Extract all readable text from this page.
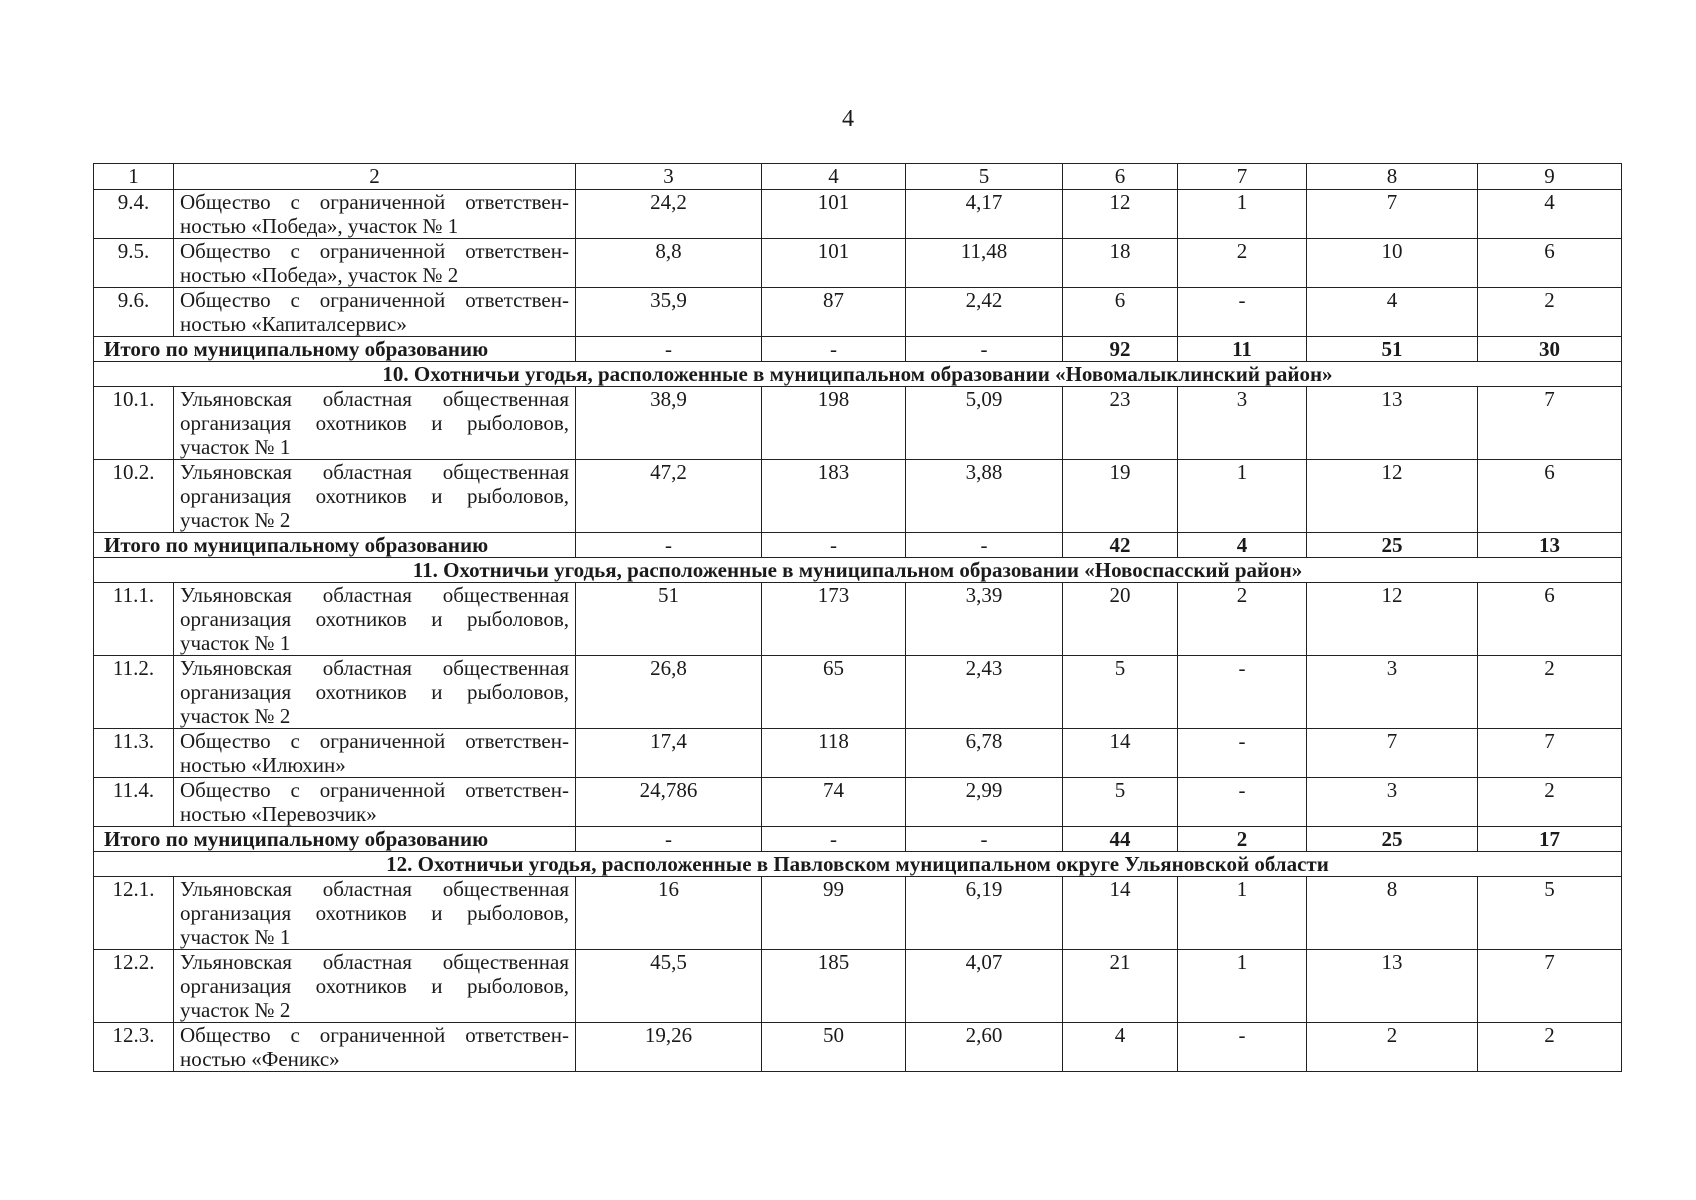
4
1	2	3	4	5	6	7	8	9
9.4.	Общество с ограниченной ответствен-ностью «Победа», участок № 1	24,2	101	4,17	12	1	7	4
9.5.	Общество с ограниченной ответствен-ностью «Победа», участок № 2	8,8	101	11,48	18	2	10	6
9.6.	Общество с ограниченной ответствен-ностью «Капиталсервис»	35,9	87	2,42	6	-	4	2
Итого по муниципальному образованию		-	-	-	92	11	51	30
10. Охотничьи угодья, расположенные в муниципальном образовании «Новомалыклинский район»								
10.1.	Ульяновская областная общественная организация охотников и рыболовов, участок № 1	38,9	198	5,09	23	3	13	7
10.2.	Ульяновская областная общественная организация охотников и рыболовов, участок № 2	47,2	183	3,88	19	1	12	6
Итого по муниципальному образованию		-	-	-	42	4	25	13
11. Охотничьи угодья, расположенные в муниципальном образовании «Новоспасский район»								
11.1.	Ульяновская областная общественная организация охотников и рыболовов, участок № 1	51	173	3,39	20	2	12	6
11.2.	Ульяновская областная общественная организация охотников и рыболовов, участок № 2	26,8	65	2,43	5	-	3	2
11.3.	Общество с ограниченной ответствен-ностью «Илюхин»	17,4	118	6,78	14	-	7	7
11.4.	Общество с ограниченной ответствен-ностью «Перевозчик»	24,786	74	2,99	5	-	3	2
Итого по муниципальному образованию		-	-	-	44	2	25	17
12. Охотничьи угодья, расположенные в Павловском муниципальном округе Ульяновской области								
12.1.	Ульяновская областная общественная организация охотников и рыболовов, участок № 1	16	99	6,19	14	1	8	5
12.2.	Ульяновская областная общественная организация охотников и рыболовов, участок № 2	45,5	185	4,07	21	1	13	7
12.3.	Общество с ограниченной ответствен-ностью «Феникс»	19,26	50	2,60	4	-	2	2
